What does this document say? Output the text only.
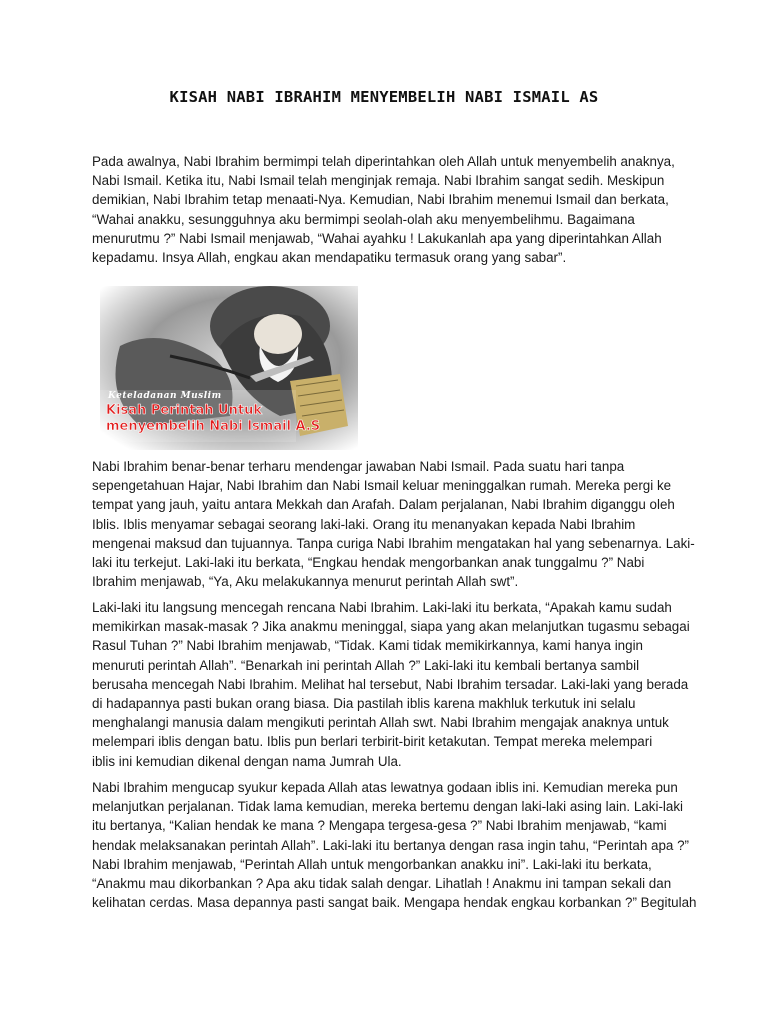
KISAH NABI IBRAHIM MENYEMBELIH NABI ISMAIL AS

Pada awalnya, Nabi Ibrahim bermimpi telah diperintahkan oleh Allah untuk menyembelih anaknya,
Nabi Ismail. Ketika itu, Nabi Ismail telah menginjak remaja. Nabi Ibrahim sangat sedih. Meskipun
demikian, Nabi Ibrahim tetap menaati-Nya. Kemudian, Nabi Ibrahim menemui Ismail dan berkata,
“Wahai anakku, sesungguhnya aku bermimpi seolah-olah aku menyembelihmu. Bagaimana
menurutmu ?” Nabi Ismail menjawab, “Wahai ayahku ! Lakukanlah apa yang diperintahkan Allah
kepadamu. Insya Allah, engkau akan mendapatiku termasuk orang yang sabar”.

Keteladanan Muslim
Kisah Perintah Untuk
menyembelih Nabi Ismail A.S

Nabi Ibrahim benar-benar terharu mendengar jawaban Nabi Ismail. Pada suatu hari tanpa
sepengetahuan Hajar, Nabi Ibrahim dan Nabi Ismail keluar meninggalkan rumah. Mereka pergi ke
tempat yang jauh, yaitu antara Mekkah dan Arafah. Dalam perjalanan, Nabi Ibrahim diganggu oleh
Iblis. Iblis menyamar sebagai seorang laki-laki. Orang itu menanyakan kepada Nabi Ibrahim
mengenai maksud dan tujuannya. Tanpa curiga Nabi Ibrahim mengatakan hal yang sebenarnya. Laki-
laki itu terkejut. Laki-laki itu berkata, “Engkau hendak mengorbankan anak tunggalmu ?” Nabi
Ibrahim menjawab, “Ya, Aku melakukannya menurut perintah Allah swt”.

Laki-laki itu langsung mencegah rencana Nabi Ibrahim. Laki-laki itu berkata, “Apakah kamu sudah
memikirkan masak-masak ? Jika anakmu meninggal, siapa yang akan melanjutkan tugasmu sebagai
Rasul Tuhan ?” Nabi Ibrahim menjawab, “Tidak. Kami tidak memikirkannya, kami hanya ingin
menuruti perintah Allah”. “Benarkah ini perintah Allah ?” Laki-laki itu kembali bertanya sambil
berusaha mencegah Nabi Ibrahim. Melihat hal tersebut, Nabi Ibrahim tersadar. Laki-laki yang berada
di hadapannya pasti bukan orang biasa. Dia pastilah iblis karena makhluk terkutuk ini selalu
menghalangi manusia dalam mengikuti perintah Allah swt. Nabi Ibrahim mengajak anaknya untuk
melempari iblis dengan batu. Iblis pun berlari terbirit-birit ketakutan. Tempat mereka melempari
iblis ini kemudian dikenal dengan nama Jumrah Ula.

Nabi Ibrahim mengucap syukur kepada Allah atas lewatnya godaan iblis ini. Kemudian mereka pun
melanjutkan perjalanan. Tidak lama kemudian, mereka bertemu dengan laki-laki asing lain. Laki-laki
itu bertanya, “Kalian hendak ke mana ? Mengapa tergesa-gesa ?” Nabi Ibrahim menjawab, “kami
hendak melaksanakan perintah Allah”. Laki-laki itu bertanya dengan rasa ingin tahu, “Perintah apa ?”
Nabi Ibrahim menjawab, “Perintah Allah untuk mengorbankan anakku ini”. Laki-laki itu berkata,
“Anakmu mau dikorbankan ? Apa aku tidak salah dengar. Lihatlah ! Anakmu ini tampan sekali dan
kelihatan cerdas. Masa depannya pasti sangat baik. Mengapa hendak engkau korbankan ?” Begitulah
